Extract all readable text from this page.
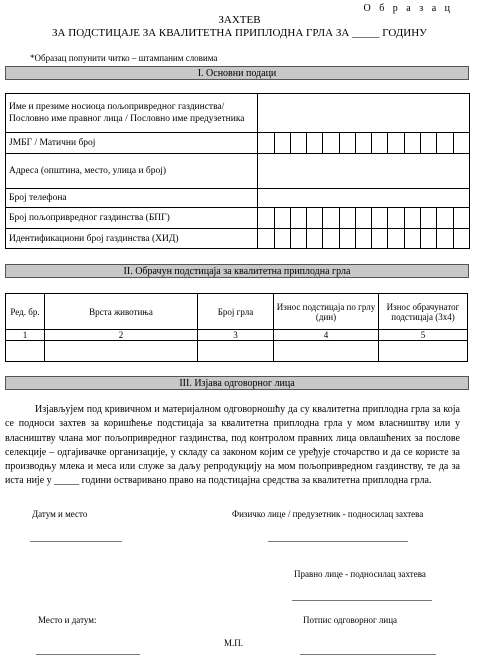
О б р а з а ц
ЗАХТЕВ
ЗА ПОДСТИЦАЈЕ ЗА КВАЛИТЕТНА ПРИПЛОДНА ГРЛА ЗА _____ ГОДИНУ
*Образац попунити читко – штампаним словима
I. Основни подаци
Име и презиме носиоца пољопривредног газдинства/ Пословно име правног лица / Пословно име предузетника													
ЈМБГ / Матични број													
Адреса (општина, место, улица и број)													
Број телефона													
Број пољопривредног газдинства (БПГ)													
Идентификациони број газдинства (ХИД)													
II. Обрачун подстицаја за квалитетна приплодна грла
Ред. бр.	Врста животиња	Број грла	Износ подстицаја по грлу (дин)	Износ обрачунатог подстицаја (3х4)
1	2	3	4	5

III. Изјава одговорног лица
Изјављујем под кривичном и материјалном одговорношћу да су квалитетна приплодна грла за која се подноси захтев за коришћење подстицаја за квалитетна приплодна грла у мом власништву или у власништву члана мог пољопривредног газдинства, под контролом правних лица овлашћених за послове селекције – одгајивачке организације, у складу са законом којим се уређује сточарство и да се користе за производњу млека и меса или служе за даљу репродукцију на мом пољопривредном газдинству, те да за иста није у _____ години остваривано право на подстицајна средства за квалитетна приплодна грла.
Датум и место	Физичко лице / предузетник - подносилац захтева
Правно лице - подносилац захтева
Место и датум:	Потпис одговорног лица
М.П.
